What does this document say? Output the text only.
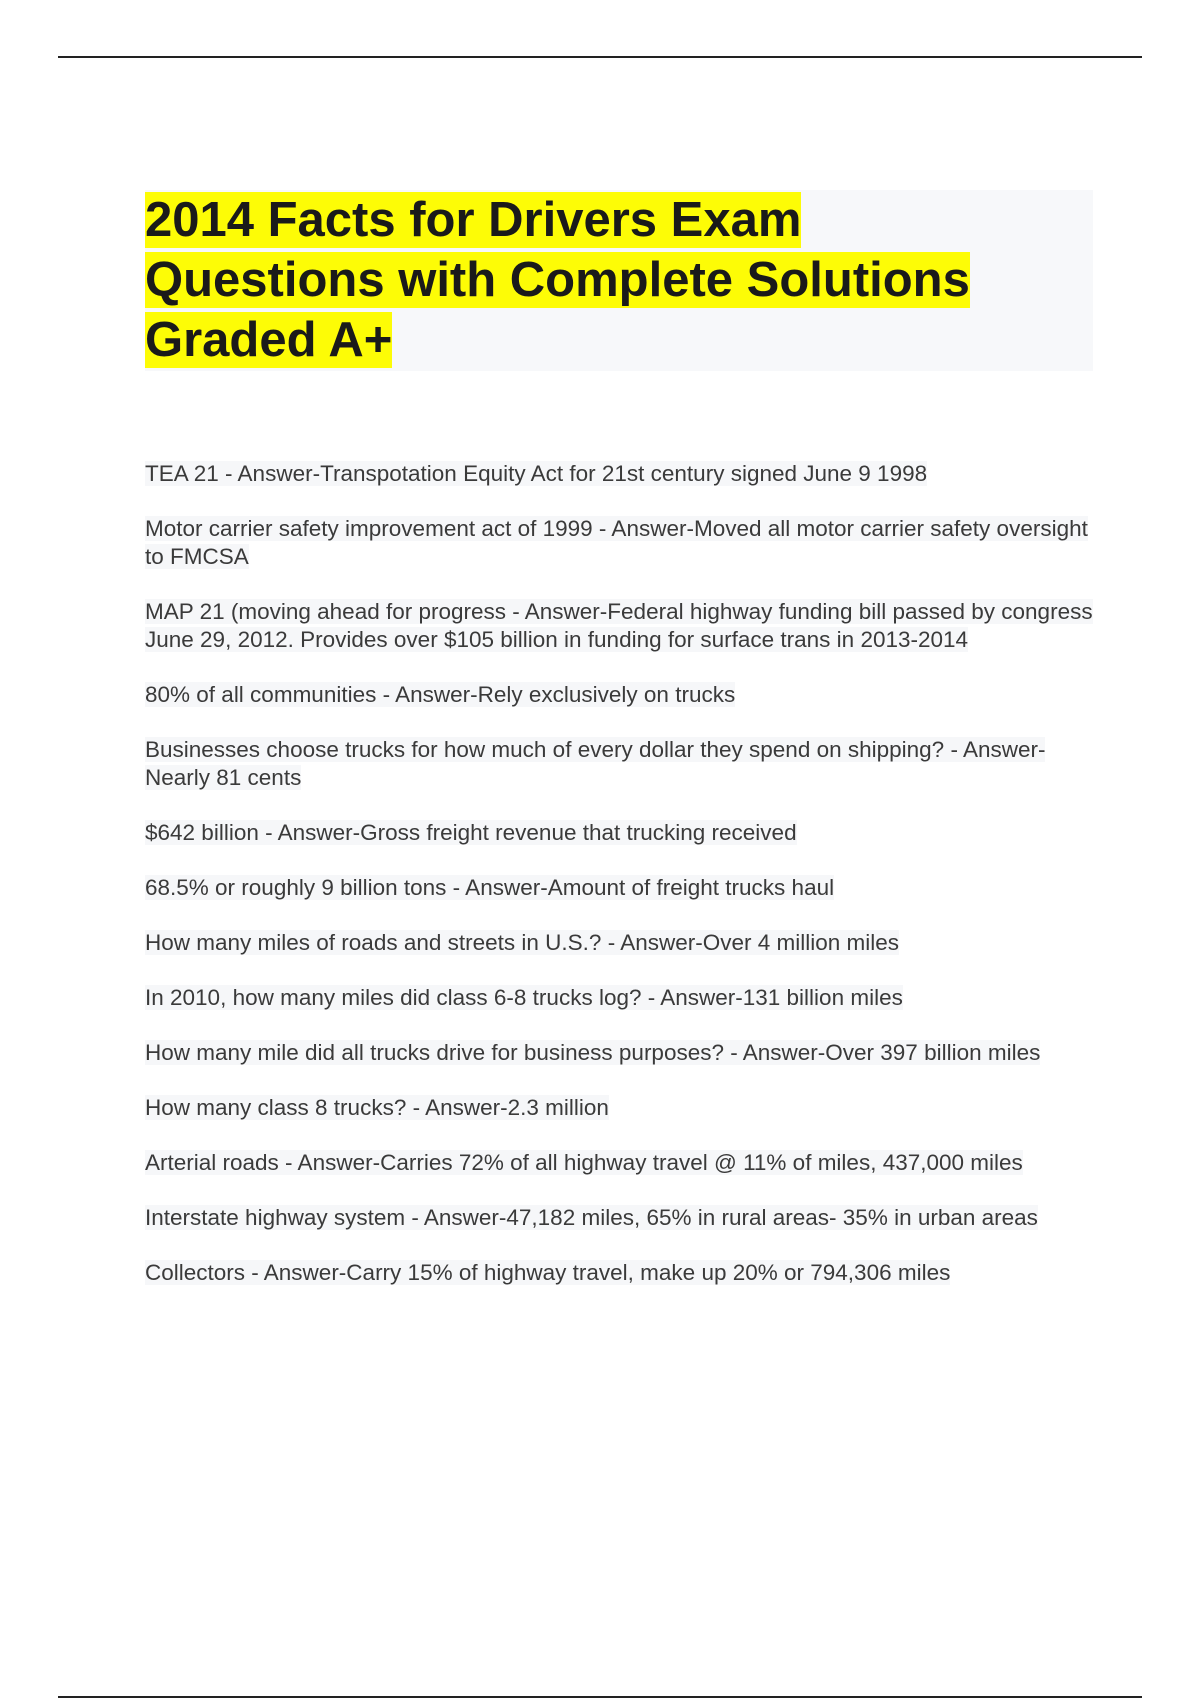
2014 Facts for Drivers Exam
Questions with Complete Solutions
Graded A+
TEA 21 - Answer-Transpotation Equity Act for 21st century signed June 9 1998
Motor carrier safety improvement act of 1999 - Answer-Moved all motor carrier safety oversight to FMCSA
MAP 21 (moving ahead for progress - Answer-Federal highway funding bill passed by congress June 29, 2012. Provides over $105 billion in funding for surface trans in 2013-2014
80% of all communities - Answer-Rely exclusively on trucks
Businesses choose trucks for how much of every dollar they spend on shipping? - Answer-Nearly 81 cents
$642 billion - Answer-Gross freight revenue that trucking received
68.5% or roughly 9 billion tons - Answer-Amount of freight trucks haul
How many miles of roads and streets in U.S.? - Answer-Over 4 million miles
In 2010, how many miles did class 6-8 trucks log? - Answer-131 billion miles
How many mile did all trucks drive for business purposes? - Answer-Over 397 billion miles
How many class 8 trucks? - Answer-2.3 million
Arterial roads - Answer-Carries 72% of all highway travel @ 11% of miles, 437,000 miles
Interstate highway system - Answer-47,182 miles, 65% in rural areas- 35% in urban areas
Collectors - Answer-Carry 15% of highway travel, make up 20% or 794,306 miles
